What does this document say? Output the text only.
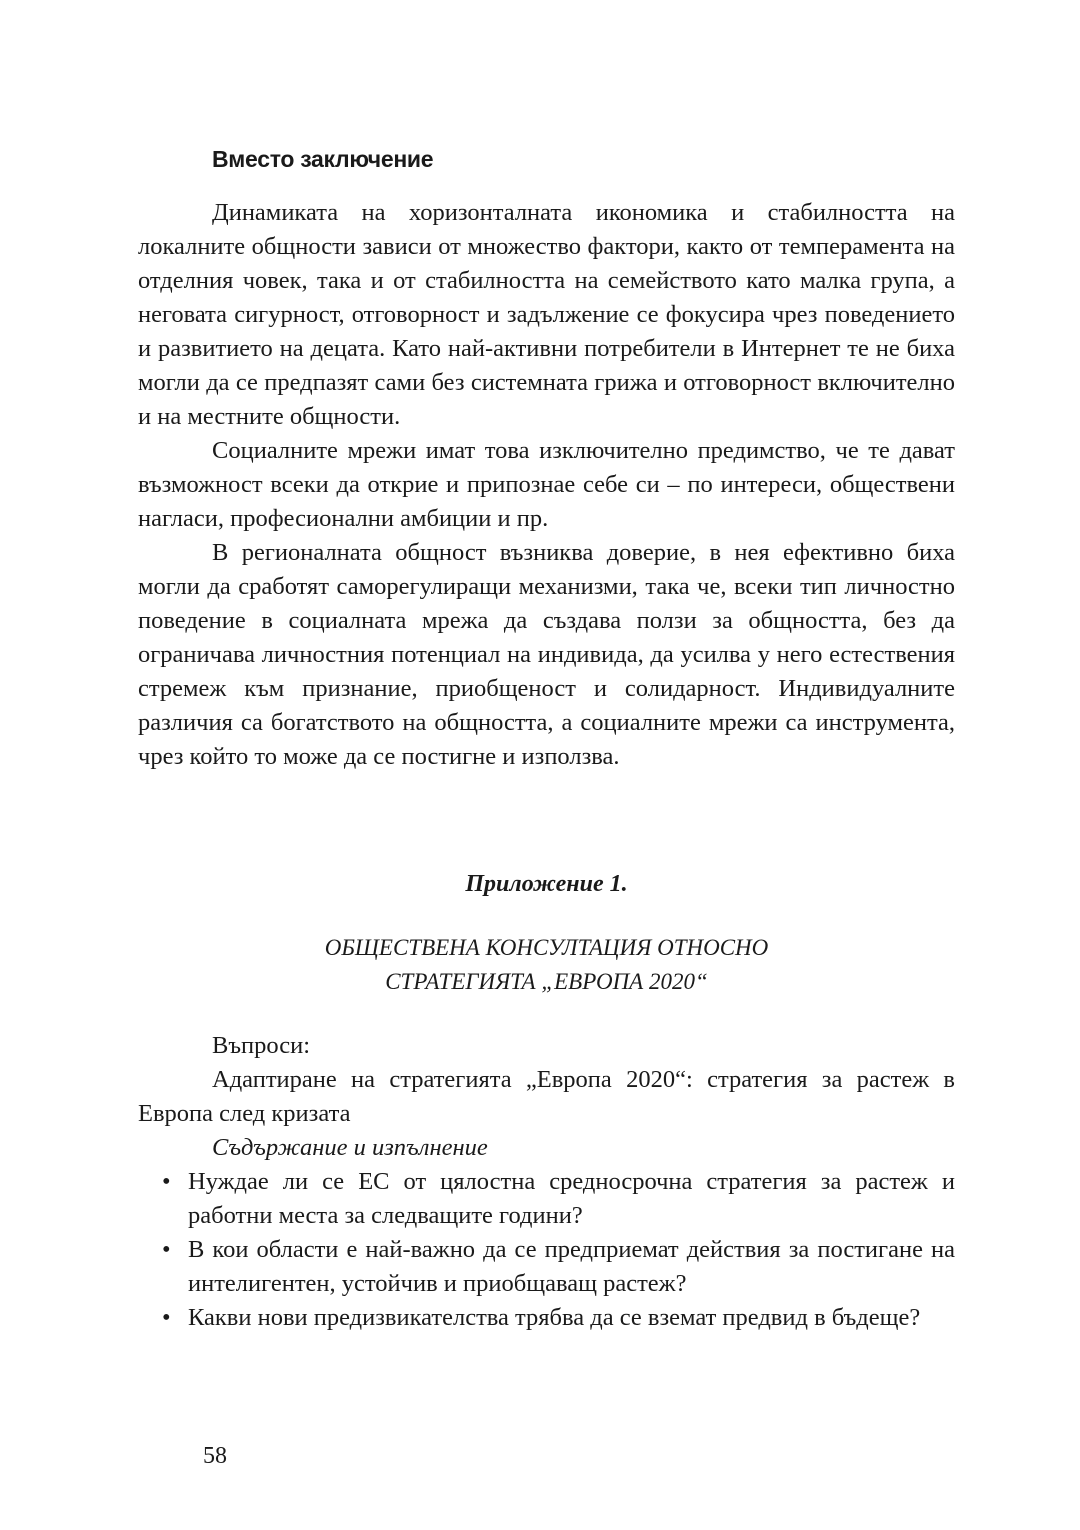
Вместо заключение

Динамиката на хоризонталната икономика и стабилността на локалните общности зависи от множество фактори, както от темперамента на отделния човек, така и от стабилността на семейството като малка група, а неговата сигурност, отговорност и задължение се фокусира чрез поведението и развитието на децата. Като най-активни потребители в Интернет те не биха могли да се предпазят сами без системната грижа и отговорност включително и на местните общности.

Социалните мрежи имат това изключително предимство, че те дават възможност всеки да открие и припознае себе си – по интереси, обществени нагласи, професионални амбиции и пр.

В регионалната общност възниква доверие, в нея ефективно биха могли да сработят саморегулиращи механизми, така че, всеки тип личностно поведение в социалната мрежа да създава ползи за общността, без да ограничава личностния потенциал на индивида, да усилва у него естествения стремеж към признание, приобщеност и солидарност. Индивидуалните различия са богатството на общността, а социалните мрежи са инструмента, чрез който то може да се постигне и използва.

Приложение 1.

ОБЩЕСТВЕНА КОНСУЛТАЦИЯ ОТНОСНО
СТРАТЕГИЯТА „ЕВРОПА 2020“

Въпроси:

Адаптиране на стратегията „Европа 2020“: стратегия за растеж в Европа след кризата

Съдържание и изпълнение

• Нуждае ли се ЕС от цялостна средносрочна стратегия за растеж и работни места за следващите години?
• В кои области е най-важно да се предприемат действия за постигане на интелигентен, устойчив и приобщаващ растеж?
• Какви нови предизвикателства трябва да се вземат предвид в бъдеще?

58
